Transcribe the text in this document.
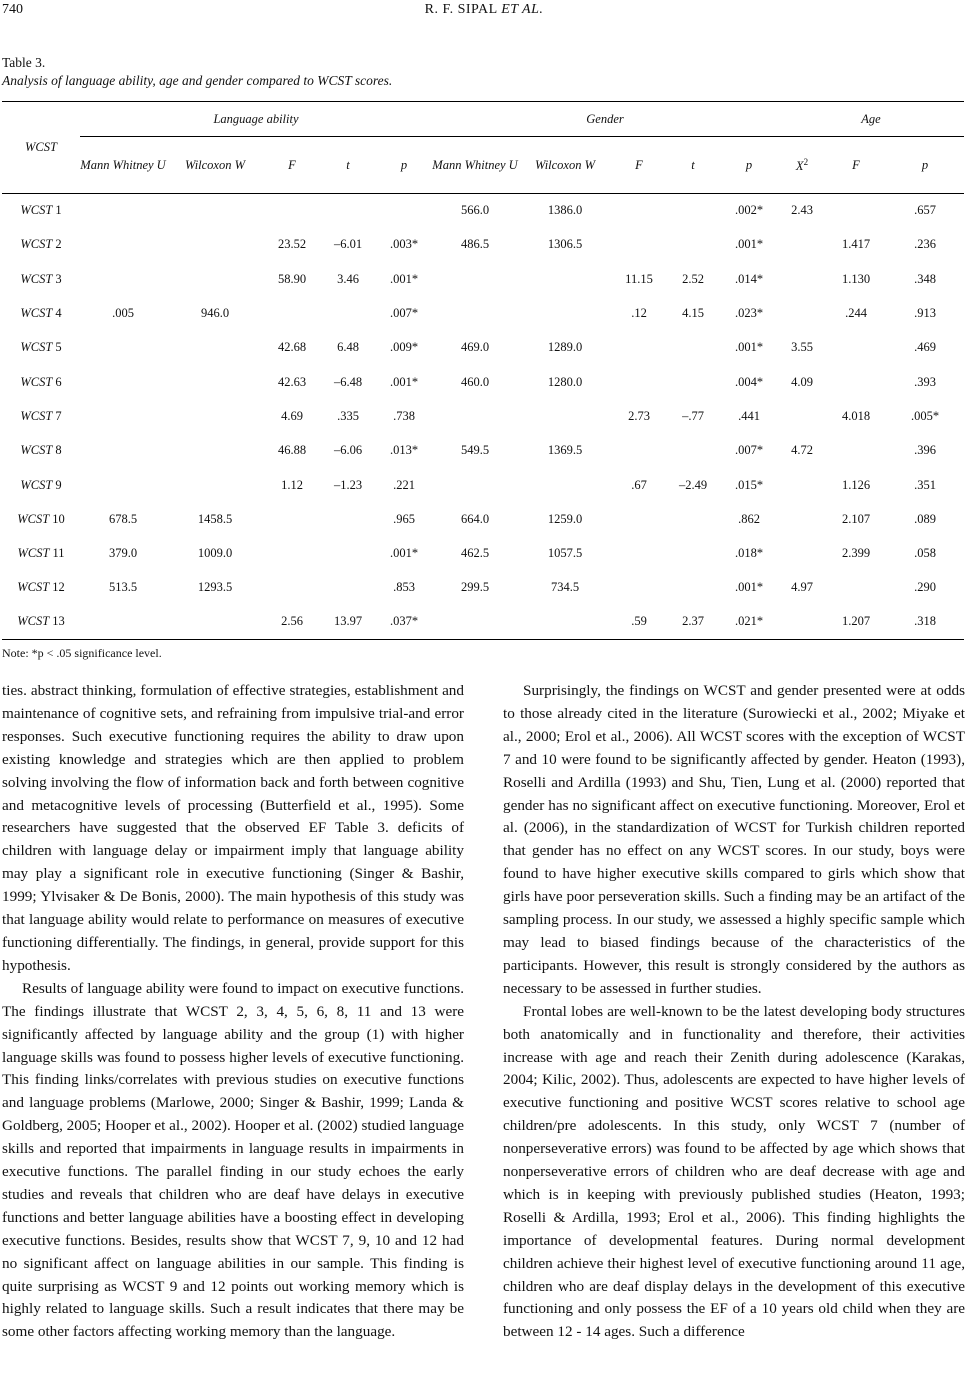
740	R. F. SIPAL ET AL.
Table 3.
Analysis of language ability, age and gender compared to WCST scores.
WCST	Language ability					Gender					Age		
	Mann Whitney U	Wilcoxon W	F	t	p	Mann Whitney U	Wilcoxon W	F	t	p	$X^2$	F	p
WCST 1						566.0	1386.0			.002*	2.43		.657
WCST 2			23.52	–6.01	.003*	486.5	1306.5			.001*		1.417	.236
WCST 3			58.90	3.46	.001*			11.15	2.52	.014*		1.130	.348
WCST 4	.005	946.0			.007*			.12	4.15	.023*		.244	.913
WCST 5			42.68	6.48	.009*	469.0	1289.0			.001*	3.55		.469
WCST 6			42.63	–6.48	.001*	460.0	1280.0			.004*	4.09		.393
WCST 7			4.69	.335	.738			2.73	–.77	.441		4.018	.005*
WCST 8			46.88	–6.06	.013*	549.5	1369.5			.007*	4.72		.396
WCST 9			1.12	–1.23	.221			.67	–2.49	.015*		1.126	.351
WCST 10	678.5	1458.5			.965	664.0	1259.0			.862		2.107	.089
WCST 11	379.0	1009.0			.001*	462.5	1057.5			.018*		2.399	.058
WCST 12	513.5	1293.5			.853	299.5	734.5			.001*	4.97		.290
WCST 13			2.56	13.97	.037*			.59	2.37	.021*		1.207	.318
Note: *p < .05 significance level.

ties. abstract thinking, formulation of effective strategies, establishment and maintenance of cognitive sets, and refraining from impulsive trial-and error responses. Such executive functioning requires the ability to draw upon existing knowledge and strategies which are then applied to problem solving involving the flow of information back and forth between cognitive and metacognitive levels of processing (Butterfield et al., 1995). Some researchers have suggested that the observed EF Table 3. deficits of children with language delay or impairment imply that language ability may play a significant role in executive functioning (Singer & Bashir, 1999; Ylvisaker & De Bonis, 2000). The main hypothesis of this study was that language ability would relate to performance on measures of executive functioning differentially. The findings, in general, provide support for this hypothesis.

Results of language ability were found to impact on executive functions. The findings illustrate that WCST 2, 3, 4, 5, 6, 8, 11 and 13 were significantly affected by language ability and the group (1) with higher language skills was found to possess higher levels of executive functioning. This finding links/correlates with previous studies on executive functions and language problems (Marlowe, 2000; Singer & Bashir, 1999; Landa & Goldberg, 2005; Hooper et al., 2002). Hooper et al. (2002) studied language skills and reported that impairments in language results in impairments in executive functions. The parallel finding in our study echoes the early studies and reveals that children who are deaf have delays in executive functions and better language abilities have a boosting effect in developing executive functions. Besides, results show that WCST 7, 9, 10 and 12 had no significant affect on language abilities in our sample. This finding is quite surprising as WCST 9 and 12 points out working memory which is highly related to language skills. Such a result indicates that there may be some other factors affecting working memory than the language.

Surprisingly, the findings on WCST and gender presented were at odds to those already cited in the literature (Surowiecki et al., 2002; Miyake et al., 2000; Erol et al., 2006). All WCST scores with the exception of WCST 7 and 10 were found to be significantly affected by gender. Heaton (1993), Roselli and Ardilla (1993) and Shu, Tien, Lung et al. (2000) reported that gender has no significant affect on executive functioning. Moreover, Erol et al. (2006), in the standardization of WCST for Turkish children reported that gender has no effect on any WCST scores. In our study, boys were found to have higher executive skills compared to girls which show that girls have poor perseveration skills. Such a finding may be an artifact of the sampling process. In our study, we assessed a highly specific sample which may lead to biased findings because of the characteristics of the participants. However, this result is strongly considered by the authors as necessary to be assessed in further studies.

Frontal lobes are well-known to be the latest developing body structures both anatomically and in functionality and therefore, their activities increase with age and reach their Zenith during adolescence (Karakas, 2004; Kilic, 2002). Thus, adolescents are expected to have higher levels of executive functioning and positive WCST scores relative to school age children/pre adolescents. In this study, only WCST 7 (number of nonperseverative errors) was found to be affected by age which shows that nonperseverative errors of children who are deaf decrease with age and which is in keeping with previously published studies (Heaton, 1993; Roselli & Ardilla, 1993; Erol et al., 2006). This finding highlights the importance of developmental features. During normal development children achieve their highest level of executive functioning around 11 age, children who are deaf display delays in the development of this executive functioning and only possess the EF of a 10 years old child when they are between 12 - 14 ages. Such a difference
